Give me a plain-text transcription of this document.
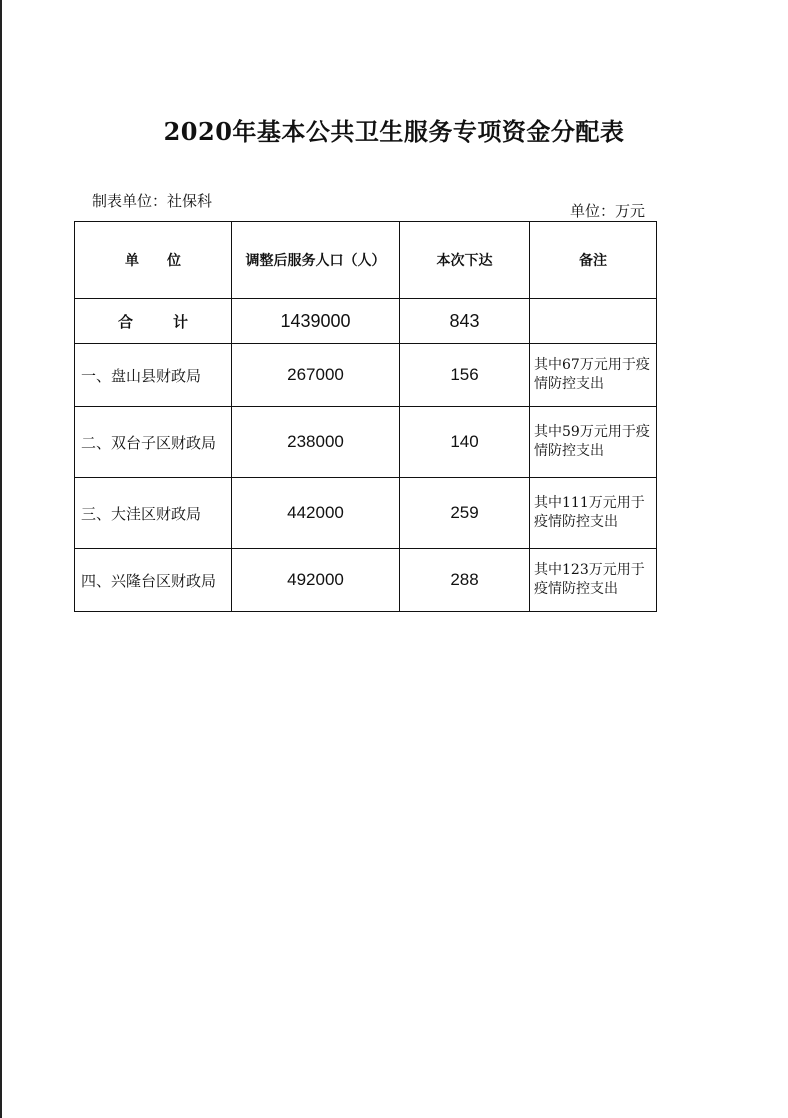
2020年基本公共卫生服务专项资金分配表
制表单位：社保科
单位：万元
单位	调整后服务人口（人）	本次下达	备注
合计	1439000	843	
一、盘山县财政局	267000	156	其中67万元用于疫情防控支出
二、双台子区财政局	238000	140	其中59万元用于疫情防控支出
三、大洼区财政局	442000	259	其中111万元用于疫情防控支出
四、兴隆台区财政局	492000	288	其中123万元用于疫情防控支出
